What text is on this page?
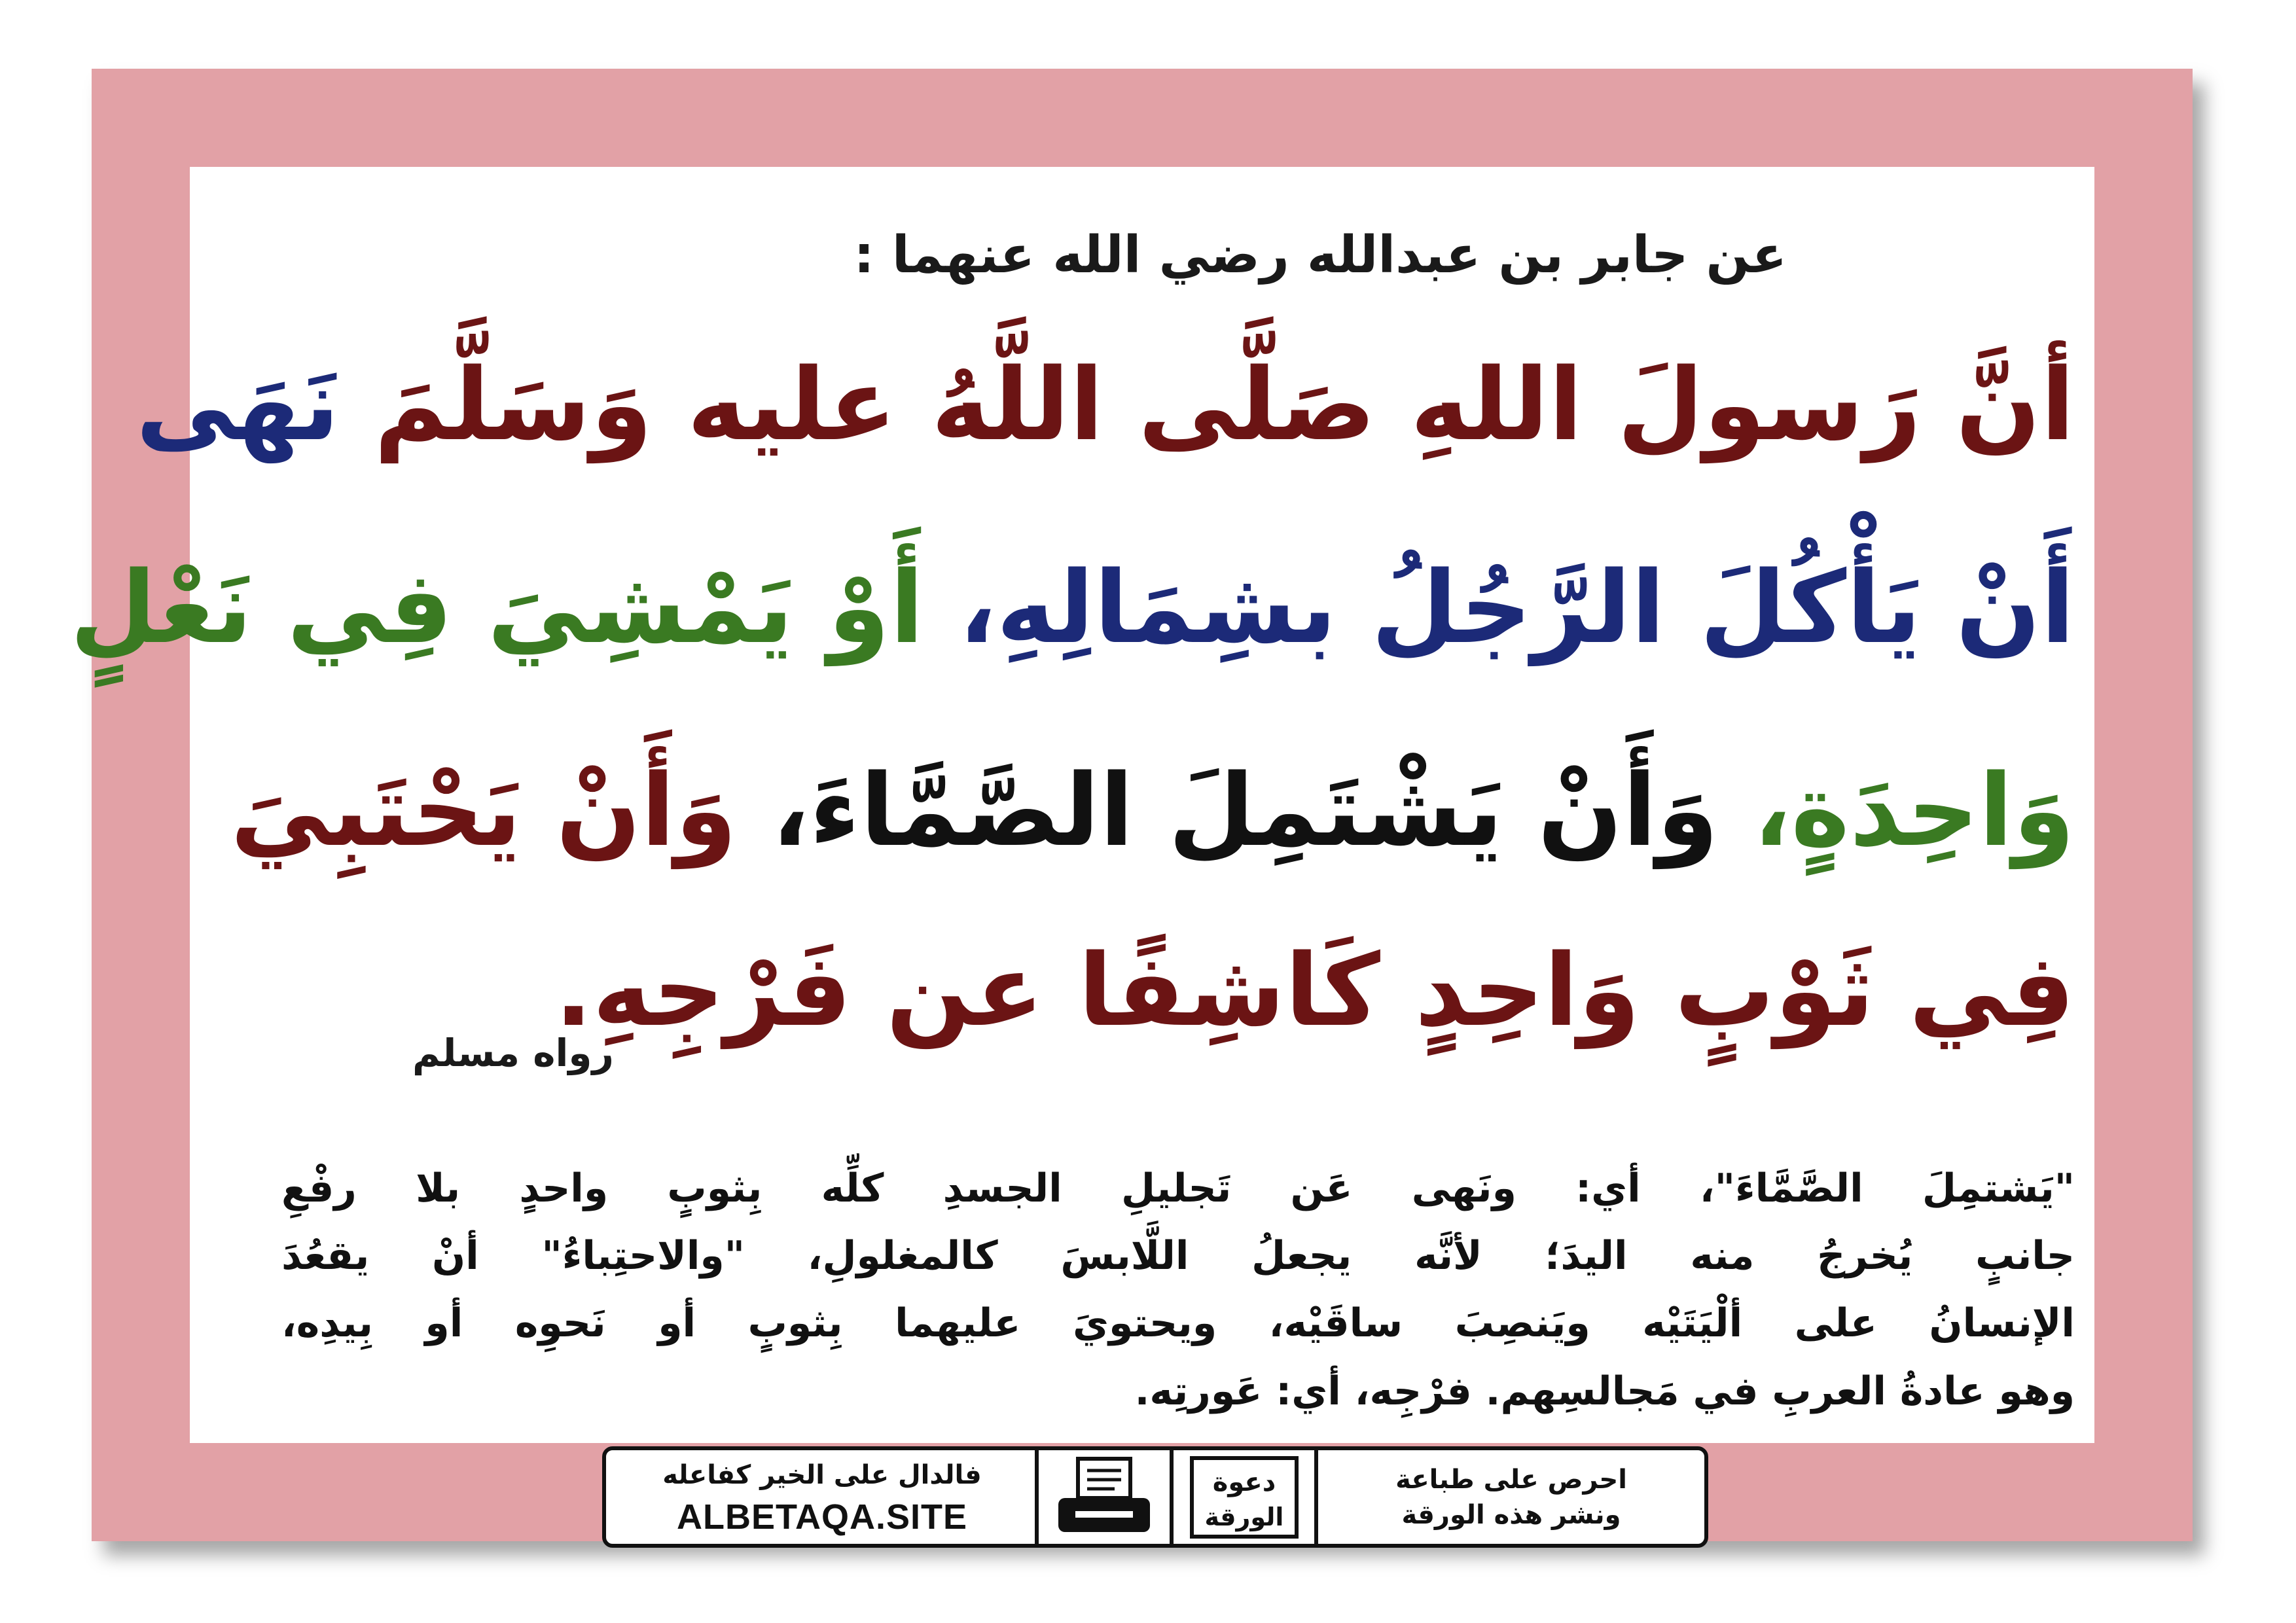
عن جابر بن عبدالله رضي الله عنهما :
أنَّ رَسولَ اللهِ صَلَّى اللَّهُ عليه وَسَلَّمَ نَهَى
أَنْ يَأْكُلَ الرَّجُلُ بشِمَالِهِ، أَوْ يَمْشِيَ فِي نَعْلٍ
وَاحِدَةٍ، وَأَنْ يَشْتَمِلَ الصَّمَّاءَ، وَأَنْ يَحْتَبِيَ
فِي ثَوْبٍ وَاحِدٍ كَاشِفًا عن فَرْجِهِ.
رواه مسلم
"يَشتمِلَ الصَّمَّاءَ"، أي: ونَهى عَن تَجليلِ الجسدِ كلِّه بِثوبٍ واحدٍ بلا رفْعِ
جانبٍ يُخرجُ منه اليدَ؛ لأنَّه يجعلُ اللَّابسَ كالمغلولِ، "والاحتِباءُ" أنْ يقعُدَ
الإنسانُ على ألْيَتَيْه ويَنصِبَ ساقَيْه، ويحتويَ عليهما بِثوبٍ أو نَحوِه أو بِيدِه،
وهو عادةُ العربِ في مَجالسِهم. فرْجِه، أي: عَورتِه.
احرص على طباعة
ونشر هذه الورقة
دعوة
الورقة
فالدال على الخير كفاعله
ALBETAQA.SITE
